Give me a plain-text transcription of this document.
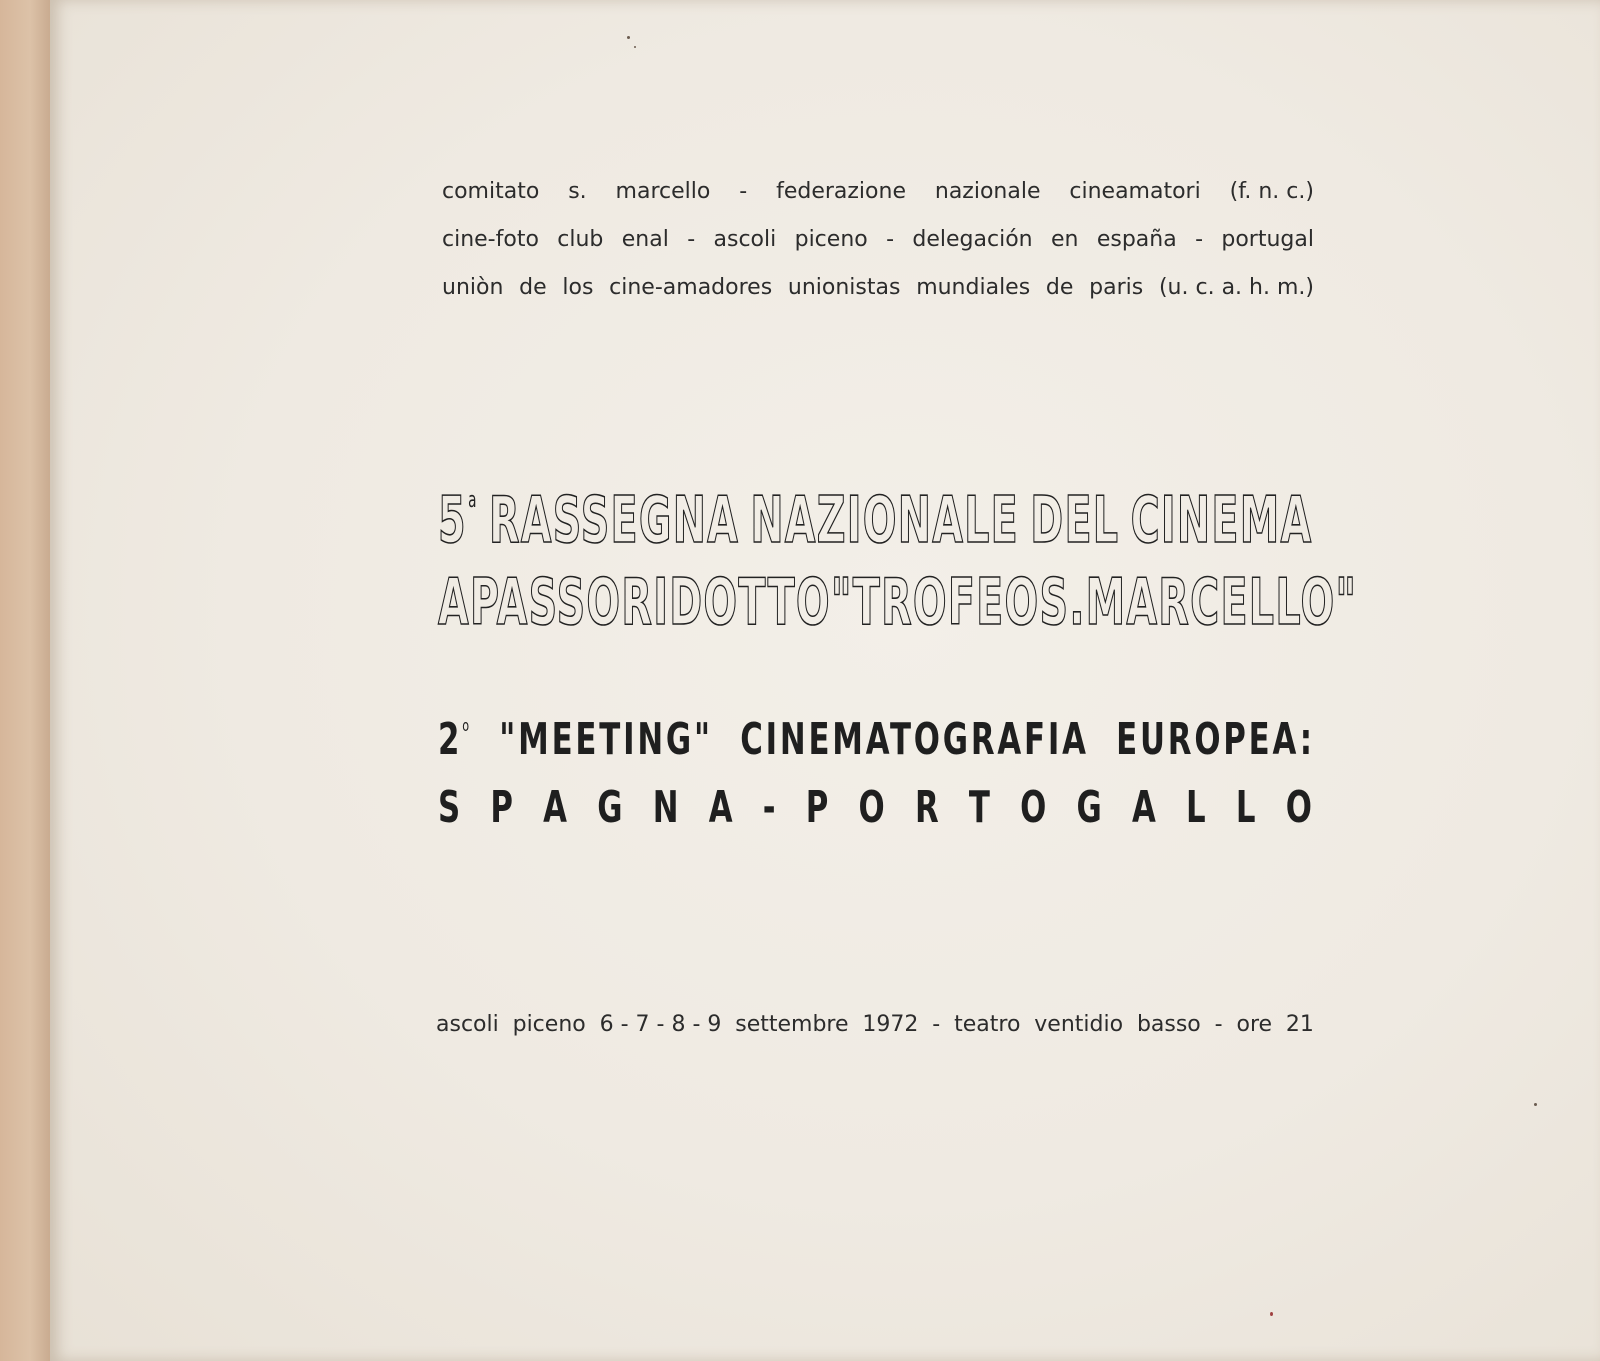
comitato s. marcello - federazione nazionale cineamatori (f. n. c.)
cine-foto club enal - ascoli piceno - delegación en españa - portugal
uniòn de los cine-amadores unionistas mundiales de paris (u. c. a. h. m.)
5$^a$ RASSEGNA NAZIONALE DEL CINEMA
A PASSO RIDOTTO "TROFEO S. MARCELLO"
2$^o$ "MEETING" CINEMATOGRAFIA EUROPEA:
S P A G N A - P O R T O G A L L O
ascoli piceno 6 - 7 - 8 - 9 settembre 1972 - teatro ventidio basso - ore 21
